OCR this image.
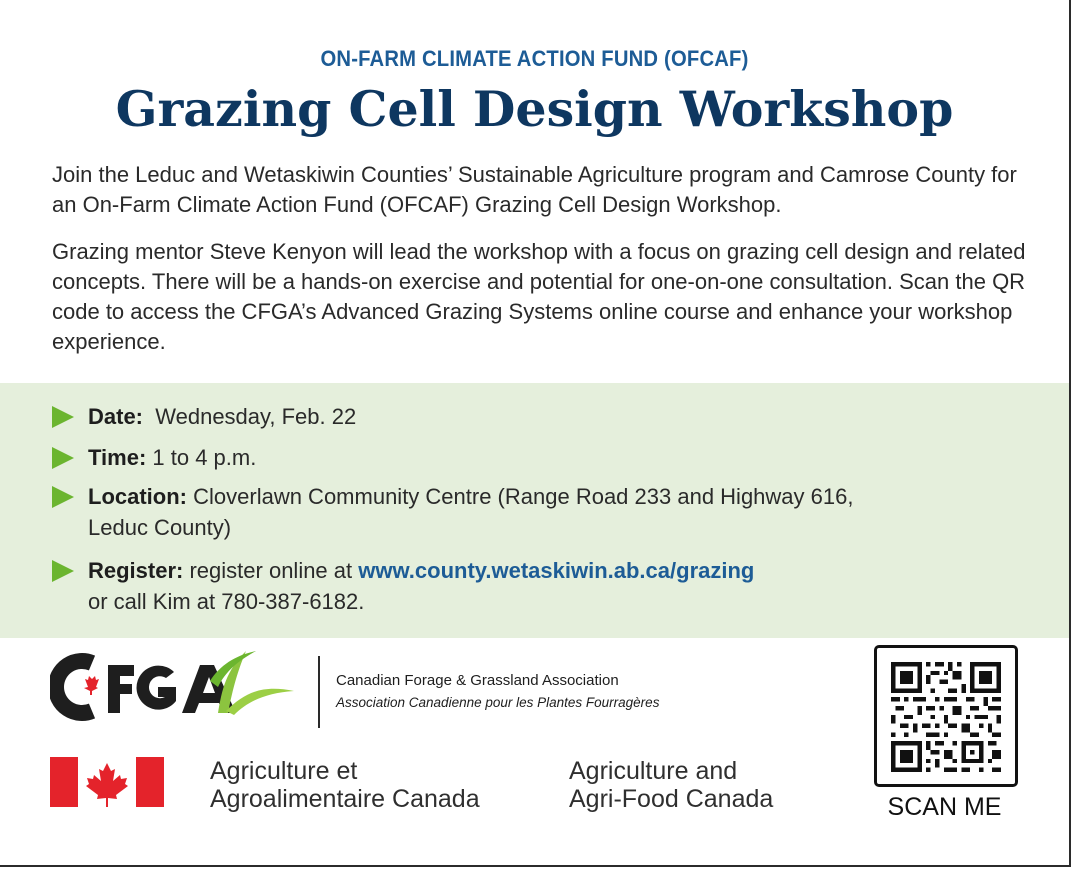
ON-FARM CLIMATE ACTION FUND (OFCAF)
Grazing Cell Design Workshop
Join the Leduc and Wetaskiwin Counties’ Sustainable Agriculture program and Camrose County for an On-Farm Climate Action Fund (OFCAF) Grazing Cell Design Workshop.
Grazing mentor Steve Kenyon will lead the workshop with a focus on grazing cell design and related concepts. There will be a hands-on exercise and potential for one-on-one consultation. Scan the QR code to access the CFGA’s Advanced Grazing Systems online course and enhance your workshop experience.
Date: Wednesday, Feb. 22
Time: 1 to 4 p.m.
Location: Cloverlawn Community Centre (Range Road 233 and Highway 616,
Leduc County)
Register: register online at www.county.wetaskiwin.ab.ca/grazing
or call Kim at 780-387-6182.
Canadian Forage & Grassland Association
Association Canadienne pour les Plantes Fourragères
Agriculture et
Agroalimentaire Canada
Agriculture and
Agri-Food Canada	SCAN ME
